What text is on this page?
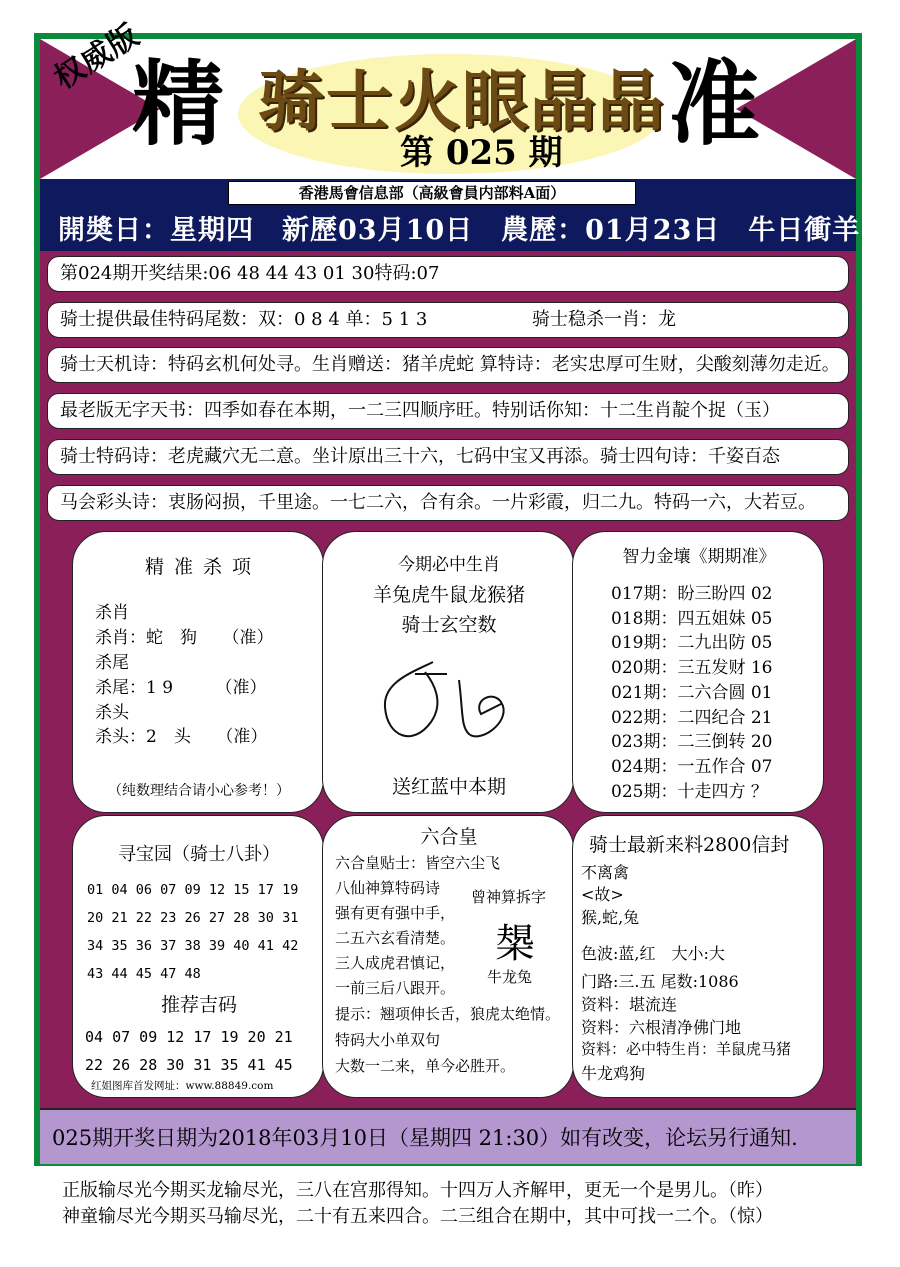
权威版
精	准
骑士火眼晶晶
第 025 期
香港馬會信息部（高級會員内部料A面）
開奬日：星期四　新歷03月10日　農歷：01月23日　牛日衝羊
第024期开奖结果:06 48 44 43 01 30特码:07
骑士提供最佳特码尾数：双：0 8 4 单：5 1 3	骑士稳杀一肖：龙
骑士天机诗：特码玄机何处寻。生肖赠送：猪羊虎蛇 算特诗：老实忠厚可生财，尖酸刻薄勿走近。
最老版无字天书：四季如春在本期，一二三四顺序旺。特别话你知：十二生肖靛个捉（玉）
骑士特码诗：老虎藏穴无二意。坐计原出三十六，七码中宝又再添。骑士四句诗：千姿百态
马会彩头诗：衷肠闷损，千里途。一七二六，合有余。一片彩霞，归二九。特码一六，大若豆。
精 准 杀 项
杀肖
杀肖：蛇　狗　　（准）
杀尾
杀尾：1 9　　　（准）
杀头
杀头：2　头　　（准）
（纯数理结合请小心参考！）
今期必中生肖
羊兔虎牛鼠龙猴猪
骑士玄空数
送红蓝中本期
智力金壤《期期准》
017期：盼三盼四 02
018期：四五姐妹 05
019期：二九出防 05
020期：三五发财 16
021期：二六合圆 01
022期：二四纪合 21
023期：二三倒转 20
024期：一五作合 07
025期：十走四方 ？
寻宝园（骑士八卦）
01 04 06 07 09 12 15 17 19
20 21 22 23 26 27 28 30 31
34 35 36 37 38 39 40 41 42
43 44 45 47 48
推荐吉码
04 07 09 12 17 19 20 21
22 26 28 30 31 35 41 45
红姐图库首发网址：www.88849.com
六合皇
六合皇贴士：皆空六尘飞
八仙神算特码诗
强有更有强中手，
二五六玄看清楚。
三人成虎君慎记，
一前三后八跟开。
提示：翘项伸长舌，狼虎太绝情。
特码大小单双句
大数一二来，单今必胜开。
曾神算拆字
槼
牛龙兔
骑士最新来料2800信封
不离禽
<故>
猴,蛇,兔
色波:蓝,红　大小:大
门路:三.五 尾数:1086
资料：堪流连
资料：六根清净佛门地
资料：必中特生肖：羊鼠虎马猪
牛龙鸡狗
025期开奖日期为2018年03月10日（星期四 21:30）如有改变，论坛另行通知.
正版输尽光今期买龙输尽光，三八在宫那得知。十四万人齐解甲，更无一个是男儿。（昨）
神童输尽光今期买马输尽光，二十有五来四合。二三组合在期中，其中可找一二个。（惊）
